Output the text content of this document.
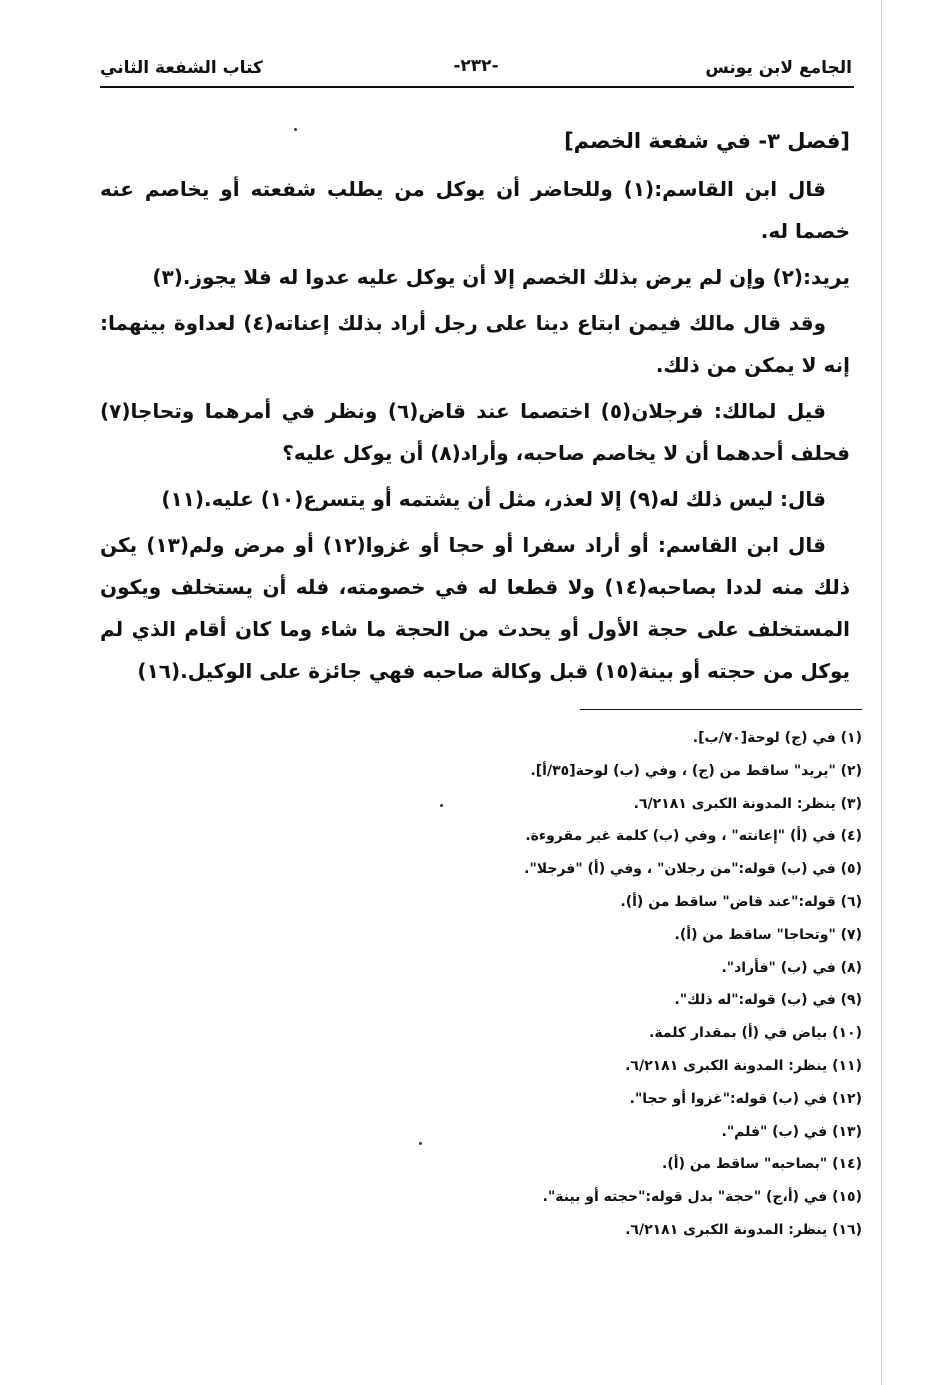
الجامع لابن يونس
-٢٣٢-
كتاب الشفعة الثاني

[فصل ٣- في شفعة الخصم]

قال ابن القاسم:(١) وللحاضر أن يوكل من يطلب شفعته أو يخاصم عنه خصما له.

يريد:(٢) وإن لم يرض بذلك الخصم إلا أن يوكل عليه عدوا له فلا يجوز.(٣)

وقد قال مالك فيمن ابتاع دينا على رجل أراد بذلك إعناته(٤) لعداوة بينهما: إنه لا يمكن من ذلك.

قيل لمالك: فرجلان(٥) اختصما عند قاض(٦) ونظر في أمرهما وتحاجا(٧) فحلف أحدهما أن لا يخاصم صاحبه، وأراد(٨) أن يوكل عليه؟

قال: ليس ذلك له(٩) إلا لعذر، مثل أن يشتمه أو يتسرع(١٠) عليه.(١١)

قال ابن القاسم: أو أراد سفرا أو حجا أو غزوا(١٢) أو مرض ولم(١٣) يكن ذلك منه لددا بصاحبه(١٤) ولا قطعا له في خصومته، فله أن يستخلف ويكون المستخلف على حجة الأول أو يحدث من الحجة ما شاء وما كان أقام الذي لم يوكل من حجته أو بينة(١٥) قبل وكالة صاحبه فهي جائزة على الوكيل.(١٦)

(١) في (ج) لوحة[٧٠/ب].
(٢) "يريد" ساقط من (ج) ، وفي (ب) لوحة[٣٥/أ].
(٣) ينظر: المدونة الكبرى ٦/٢١٨١.
(٤) في (أ) "إعانته" ، وفي (ب) كلمة غير مقروءة.
(٥) في (ب) قوله:"من رجلان" ، وفي (أ) "فرجلا".
(٦) قوله:"عند قاض" ساقط من (أ).
(٧) "وتحاجا" ساقط من (أ).
(٨) في (ب) "فأراد".
(٩) في (ب) قوله:"له ذلك".
(١٠) بياض في (أ) بمقدار كلمة.
(١١) ينظر: المدونة الكبرى ٦/٢١٨١.
(١٢) في (ب) قوله:"غزوا أو حجا".
(١٣) في (ب) "فلم".
(١٤) "بصاحبه" ساقط من (أ).
(١٥) في (أ،ج) "حجة" بدل قوله:"حجته أو بينة".
(١٦) ينظر: المدونة الكبرى ٦/٢١٨١.
